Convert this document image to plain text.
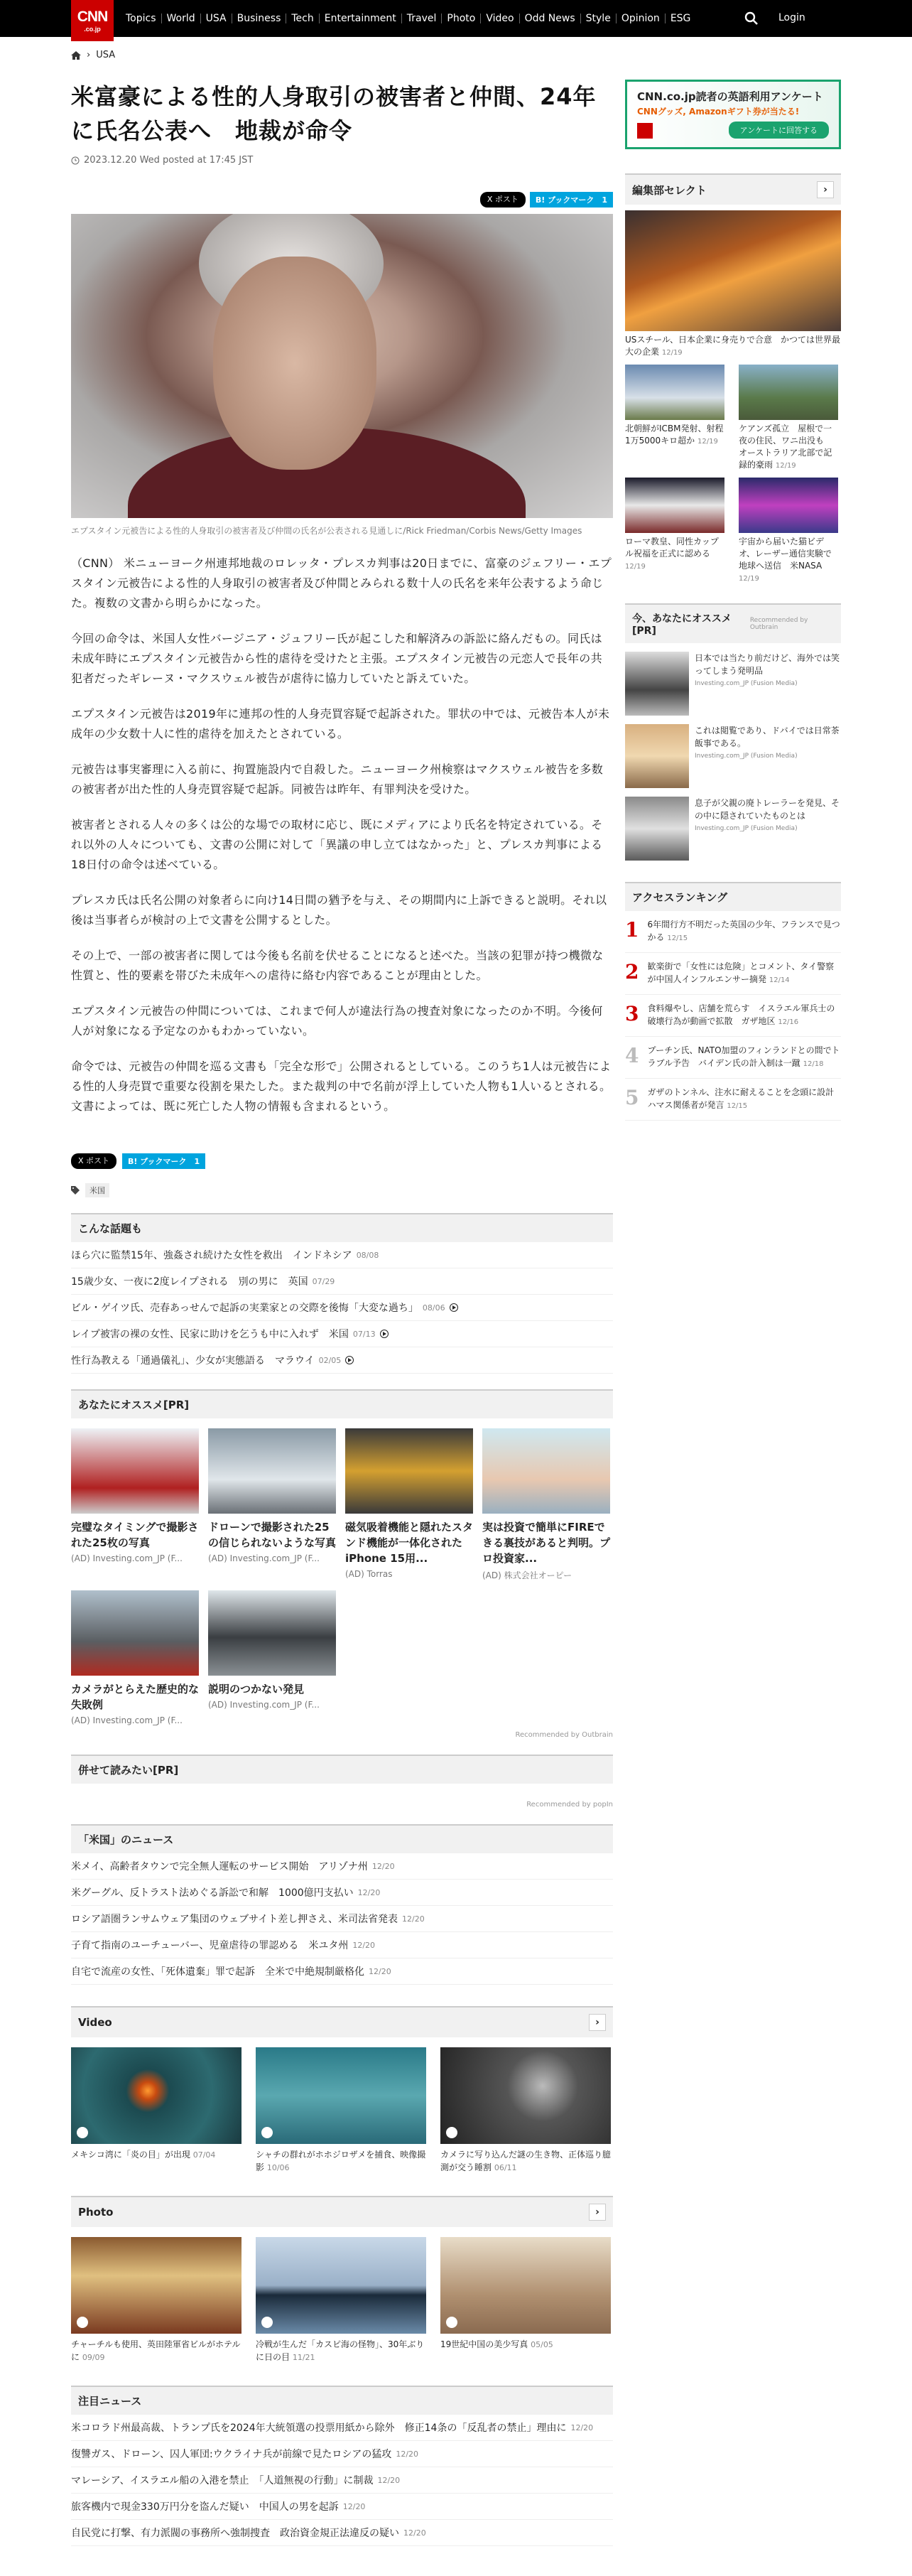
CNN
.co.jp
Topics	World	USA	Business	Tech	Entertainment	Travel	Photo	Video	Odd News	Style	Opinion	ESG	Login
› USA
米富豪による性的人身取引の被害者と仲間、24年に氏名公表へ　地裁が命令
2023.12.20 Wed posted at 17:45 JST
X ポスト	B! ブックマーク　1
エプスタイン元被告による性的人身取引の被害者及び仲間の氏名が公表される見通しに/Rick Friedman/Corbis News/Getty Images

（CNN） 米ニューヨーク州連邦地裁のロレッタ・プレスカ判事は20日までに、富豪のジェフリー・エプスタイン元被告による性的人身取引の被害者及び仲間とみられる数十人の氏名を来年公表するよう命じた。複数の文書から明らかになった。

今回の命令は、米国人女性バージニア・ジュフリー氏が起こした和解済みの訴訟に絡んだもの。同氏は未成年時にエプスタイン元被告から性的虐待を受けたと主張。エプスタイン元被告の元恋人で長年の共犯者だったギレーヌ・マクスウェル被告が虐待に協力していたと訴えていた。

エプスタイン元被告は2019年に連邦の性的人身売買容疑で起訴された。罪状の中では、元被告本人が未成年の少女数十人に性的虐待を加えたとされている。

元被告は事実審理に入る前に、拘置施設内で自殺した。ニューヨーク州検察はマクスウェル被告を多数の被害者が出た性的人身売買容疑で起訴。同被告は昨年、有罪判決を受けた。

被害者とされる人々の多くは公的な場での取材に応じ、既にメディアにより氏名を特定されている。それ以外の人々についても、文書の公開に対して「異議の申し立てはなかった」と、プレスカ判事による18日付の命令は述べている。

プレスカ氏は氏名公開の対象者らに向け14日間の猶予を与え、その期間内に上訴できると説明。それ以後は当事者らが検討の上で文書を公開するとした。

その上で、一部の被害者に関しては今後も名前を伏せることになると述べた。当該の犯罪が持つ機微な性質と、性的要素を帯びた未成年への虐待に絡む内容であることが理由とした。

エプスタイン元被告の仲間については、これまで何人が違法行為の捜査対象になったのか不明。今後何人が対象になる予定なのかもわかっていない。

命令では、元被告の仲間を巡る文書も「完全な形で」公開されるとしている。このうち1人は元被告による性的人身売買で重要な役割を果たした。また裁判の中で名前が浮上していた人物も1人いるとされる。文書によっては、既に死亡した人物の情報も含まれるという。

X ポスト	B! ブックマーク　1
米国
こんな話題も
ほら穴に監禁15年、強姦され続けた女性を救出　インドネシア 08/08
15歳少女、一夜に2度レイプされる　別の男に　英国 07/29
ビル・ゲイツ氏、売春あっせんで起訴の実業家との交際を後悔「大変な過ち」 08/06
レイプ被害の裸の女性、民家に助けを乞うも中に入れず　米国 07/13
性行為教える「通過儀礼」、少女が実態語る　マラウイ 02/05
あなたにオススメ[PR]
完璧なタイミングで撮影された25枚の写真
(AD) Investing.com_JP (F...
ドローンで撮影された25の信じられないような写真
(AD) Investing.com_JP (F...
磁気吸着機能と隠れたスタンド機能が一体化されたiPhone 15用...
(AD) Torras
実は投資で簡単にFIREできる裏技があると判明。プロ投資家...
(AD) 株式会社オーピー
カメラがとらえた歴史的な失敗例
(AD) Investing.com_JP (F...
説明のつかない発見
(AD) Investing.com_JP (F...
Recommended by Outbrain
併せて読みたい[PR]
Recommended by popIn
「米国」のニュース
米メイ、高齢者タウンで完全無人運転のサービス開始　アリゾナ州 12/20
米グーグル、反トラスト法めぐる訴訟で和解　1000億円支払い 12/20
ロシア語圏ランサムウェア集団のウェブサイト差し押さえ、米司法省発表 12/20
子育て指南のユーチューバー、児童虐待の罪認める　米ユタ州 12/20
自宅で流産の女性、「死体遺棄」罪で起訴　全米で中絶規制厳格化 12/20
Video	›
メキシコ湾に「炎の目」が出現 07/04	シャチの群れがホホジロザメを捕食、映像撮影 10/06
カメラに写り込んだ謎の生き物、正体巡り臆測が交う睡割 06/11
Photo	›
チャーチルも使用、英田陸軍省ビルがホテルに 09/09
冷戦が生んだ「カスピ海の怪物」、30年ぶりに日の目 11/21
19世紀中国の美少写真 05/05
注目ニュース
米コロラド州最高裁、トランプ氏を2024年大統領選の投票用紙から除外　修正14条の「反乱者の禁止」理由に 12/20
復讐ガス、ドローン、囚人軍団:ウクライナ兵が前線で見たロシアの猛攻 12/20
マレーシア、イスラエル船の入港を禁止　「人道無視の行動」に制裁 12/20
旅客機内で現金330万円分を盗んだ疑い　中国人の男を起訴 12/20
自民党に打撃、有力派閥の事務所へ強制捜査　政治資金規正法違反の疑い 12/20
CNN.co.jp読者の英語利用アンケート
CNNグッズ, Amazonギフト券が当たる!
アンケートに回答する
編集部セレクト	›
USスチール、日本企業に身売りで合意　かつては世界最大の企業 12/19
北朝鮮がICBM発射、射程1万5000キロ超か 12/19
ケアンズ孤立　屋根で一夜の住民、ワニ出没も　オーストラリア北部で記録的豪雨 12/19
ローマ教皇、同性カップル祝福を正式に認める 12/19
宇宙から届いた猫ビデオ、レーザー通信実験で地球へ送信　米NASA 12/19
今、あなたにオススメ[PR]
Recommended by Outbrain
日本では当たり前だけど、海外では笑ってしまう発明品
Investing.com_JP (Fusion Media)
これは閲覧であり、ドバイでは日常茶飯事である。
Investing.com_JP (Fusion Media)
息子が父親の廃トレーラーを発見、その中に隠されていたものとは
Investing.com_JP (Fusion Media)
アクセスランキング
1 6年間行方不明だった英国の少年、フランスで見つかる 12/15
2 歓楽街で「女性には危険」とコメント、タイ警察が中国人インフルエンサー摘発 12/14
3 食料爆やし、店舗を荒らす　イスラエル軍兵士の破壊行為が動画で拡散　ガザ地区 12/16
4 プーチン氏、NATO加盟のフィンランドとの間でトラブル予告　バイデン氏の計入制は一蹴 12/18
5 ガザのトンネル、注水に耐えることを念頭に設計　ハマス関係者が発言 12/15
